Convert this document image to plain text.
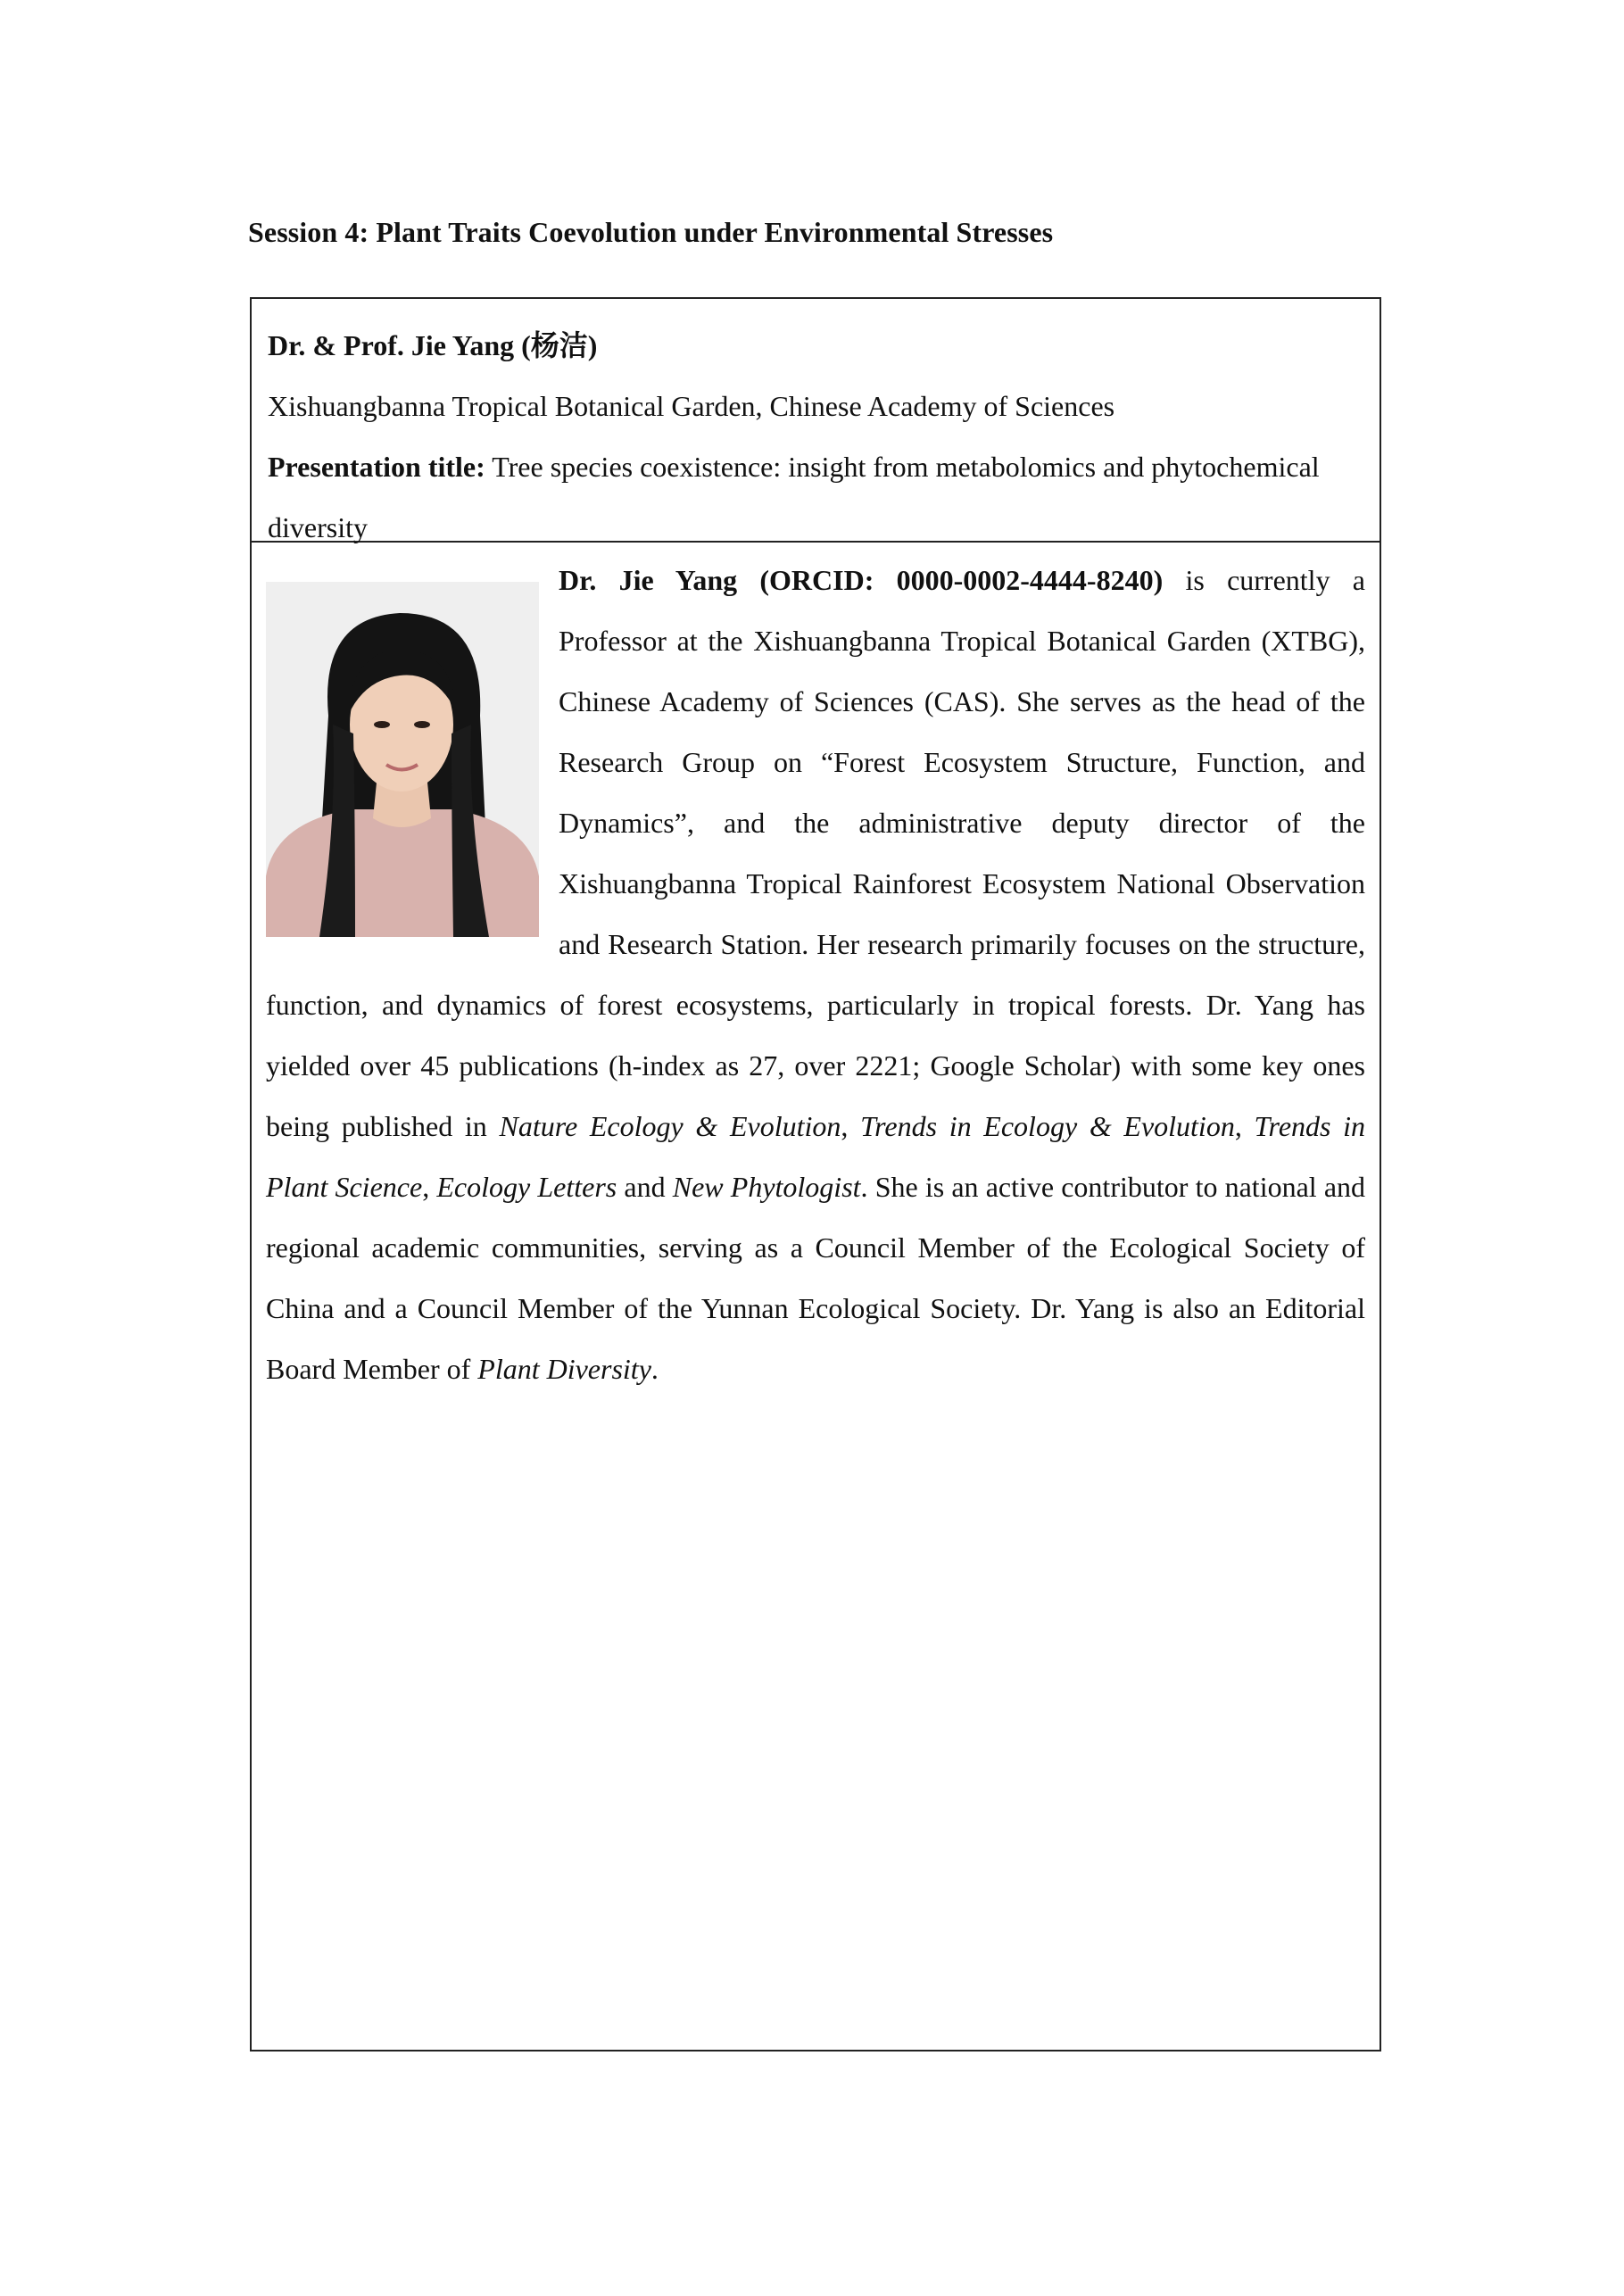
Session 4: Plant Traits Coevolution under Environmental Stresses
Dr. & Prof. Jie Yang (杨洁)
Xishuangbanna Tropical Botanical Garden, Chinese Academy of Sciences
Presentation title: Tree species coexistence: insight from metabolomics and phytochemical diversity

Dr. Jie Yang (ORCID: 0000-0002-4444-8240) is currently a Professor at the Xishuangbanna Tropical Botanical Garden (XTBG), Chinese Academy of Sciences (CAS). She serves as the head of the Research Group on “Forest Ecosystem Structure, Function, and Dynamics”, and the administrative deputy director of the Xishuangbanna Tropical Rainforest Ecosystem National Observation and Research Station. Her research primarily focuses on the structure, function, and dynamics of forest ecosystems, particularly in tropical forests. Dr. Yang has yielded over 45 publications (h-index as 27, over 2221; Google Scholar) with some key ones being published in Nature Ecology & Evolution, Trends in Ecology & Evolution, Trends in Plant Science, Ecology Letters and New Phytologist. She is an active contributor to national and regional academic communities, serving as a Council Member of the Ecological Society of China and a Council Member of the Yunnan Ecological Society. Dr. Yang is also an Editorial Board Member of Plant Diversity.
